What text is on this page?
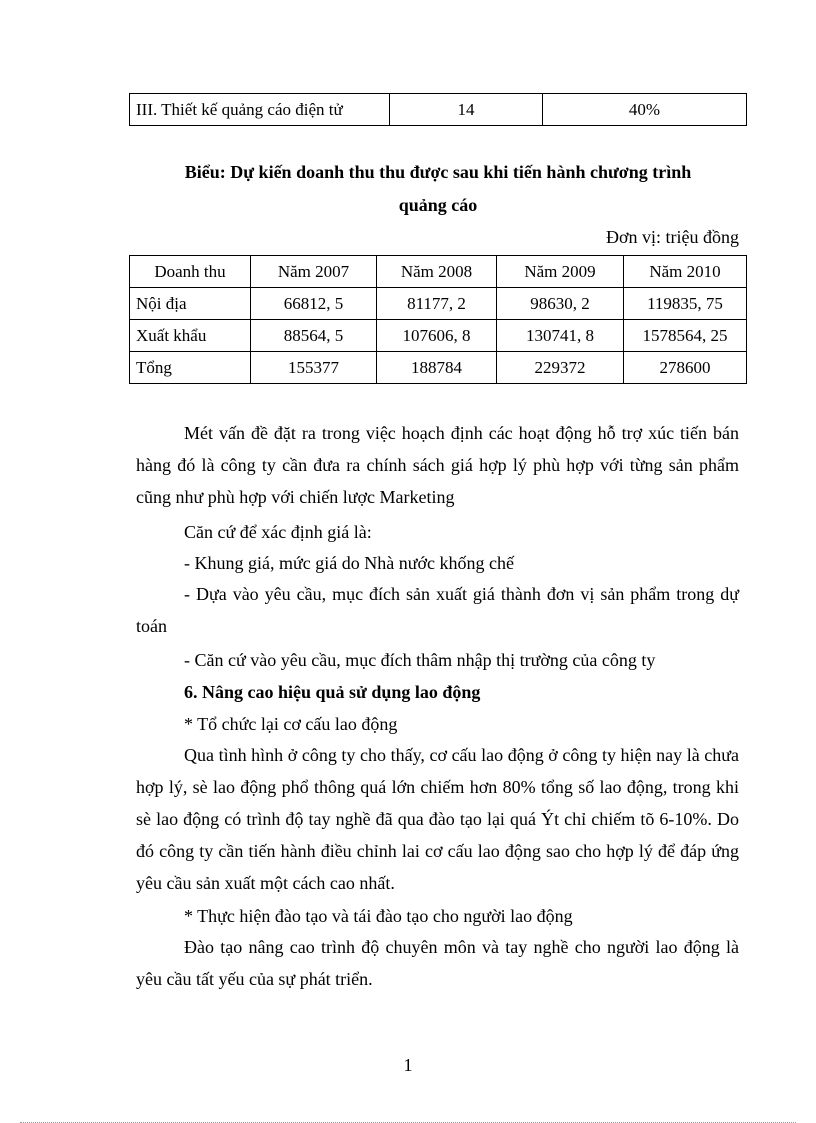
III. Thiết kế quảng cáo điện tử	14	40%
Biểu: Dự kiến doanh thu thu được sau khi tiến hành chương trình
quảng cáo
Đơn vị: triệu đồng
Doanh thu	Năm 2007	Năm 2008	Năm 2009	Năm 2010
Nội địa	66812, 5	81177, 2	98630, 2	119835, 75
Xuất khẩu	88564, 5	107606, 8	130741, 8	1578564, 25
Tổng	155377	188784	229372	278600

Mét vấn đề đặt ra trong việc hoạch định các hoạt động hỗ trợ xúc tiến bán hàng đó là công ty cần đưa ra chính sách giá hợp lý phù hợp với từng sản phẩm cũng như phù hợp với chiến lược Marketing

Căn cứ để xác định giá là:
- Khung giá, mức giá do Nhà nước khống chế

- Dựa vào yêu cầu, mục đích sản xuất giá thành đơn vị sản phẩm trong dự toán

- Căn cứ vào yêu cầu, mục đích thâm nhập thị trường của công ty
6. Nâng cao hiệu quả sử dụng lao động
* Tổ chức lại cơ cấu lao động

Qua tình hình ở công ty cho thấy, cơ cấu lao động ở công ty hiện nay là chưa hợp lý, sè lao động phổ thông quá lớn chiếm hơn 80% tổng số lao động, trong khi sè lao động có trình độ tay nghề đã qua đào tạo lại quá Ýt chỉ chiếm tõ 6-10%. Do đó công ty cần tiến hành điều chỉnh lai cơ cấu lao động sao cho hợp lý để đáp ứng yêu cầu sản xuất một cách cao nhất.

* Thực hiện đào tạo và tái đào tạo cho người lao động

Đào tạo nâng cao trình độ chuyên môn và tay nghề cho người lao động là yêu cầu tất yếu của sự phát triển.

1
